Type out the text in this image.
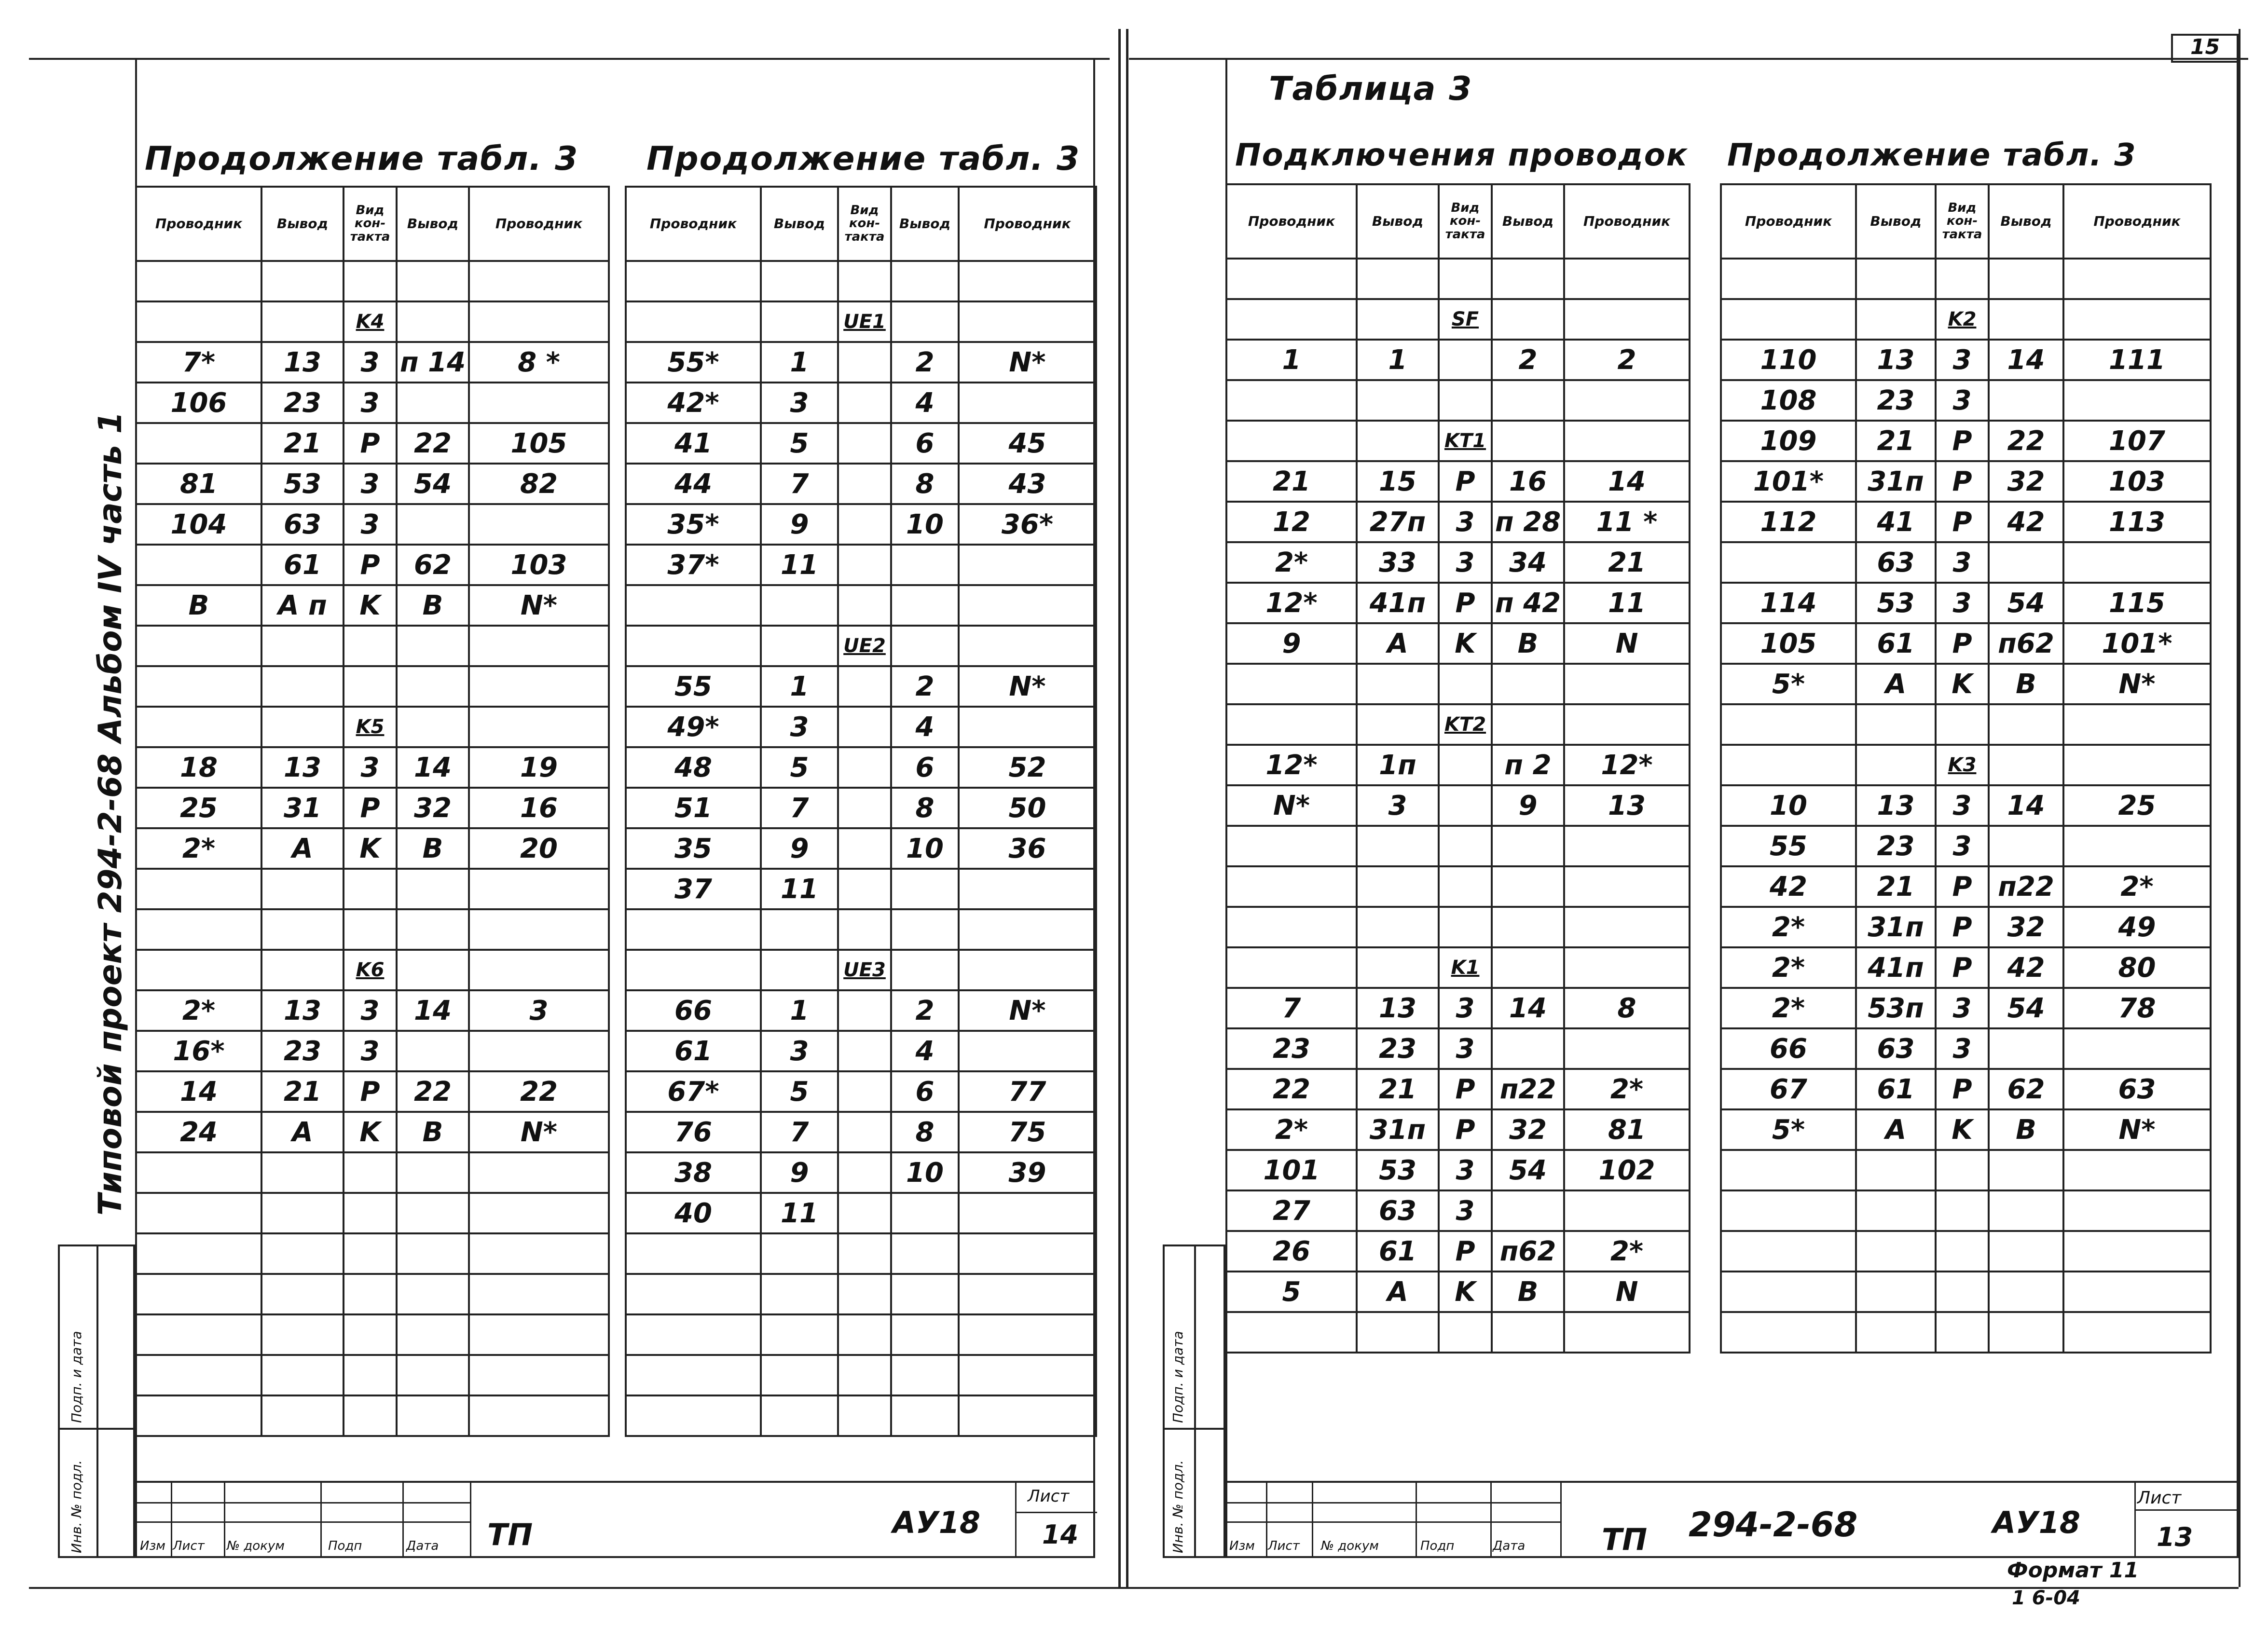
15
Типовой проект 294-2-68 Альбом IV часть 1
Инв. № подл.
Подп. и дата
Продолжение табл. 3
Проводник	Вывод	Вид кон- такта	Вывод	Проводник

		K4		
7*	13	3	п 14	8 *
106	23	3		
	21	P	22	105
81	53	3	54	82
104	63	3		
	61	P	62	103
B	A п	K	B	N*

		K5		
18	13	3	14	19
25	31	P	32	16
2*	A	K	B	20

		K6		
2*	13	3	14	3
16*	23	3		
14	21	P	22	22
24	A	K	B	N*

Продолжение табл. 3
Проводник	Вывод	Вид кон- такта	Вывод	Проводник

		UE1		
55*	1		2	N*
42*	3		4	
41	5		6	45
44	7		8	43
35*	9		10	36*
37*	11			

		UE2		
55	1		2	N*
49*	3		4	
48	5		6	52
51	7		8	50
35	9		10	36
37	11			

		UE3		
66	1		2	N*
61	3		4	
67*	5		6	77
76	7		8	75
38	9		10	39
40	11			

Изм Лист № докум	Подп	Дата ТП	АУ18
Лист
14	Инв. № подл.
Подп. и дата
Таблица 3
Подключения проводок
Проводник	Вывод	Вид кон- такта	Вывод	Проводник

		SF		
1	1		2	2

		KT1		
21	15	P	16	14
12	27п	3	п 28	11 *
2*	33	3	34	21
12*	41п	P	п 42	11
9	A	K	B	N

		KT2		
12*	1п		п 2	12*
N*	3		9	13

		K1		
7	13	3	14	8
23	23	3		
22	21	P	п22	2*
2*	31п	P	32	81
101	53	3	54	102
27	63	3		
26	61	P	п62	2*
5	A	K	B	N

Продолжение табл. 3
Проводник	Вывод	Вид кон- такта	Вывод	Проводник

		K2		
110	13	3	14	111
108	23	3		
109	21	P	22	107
101*	31п	P	32	103
112	41	P	42	113
	63	3		
114	53	3	54	115
105	61	P	п62	101*
5*	A	K	B	N*

		K3		
10	13	3	14	25
55	23	3		
42	21	P	п22	2*
2*	31п	P	32	49
2*	41п	P	42	80
2*	53п	3	54	78
66	63	3		
67	61	P	62	63
5*	A	K	B	N*

Изм Лист № докум	Подп	Дата	ТП 294-2-68	АУ18
Лист
13
Формат 11
1 6-04
